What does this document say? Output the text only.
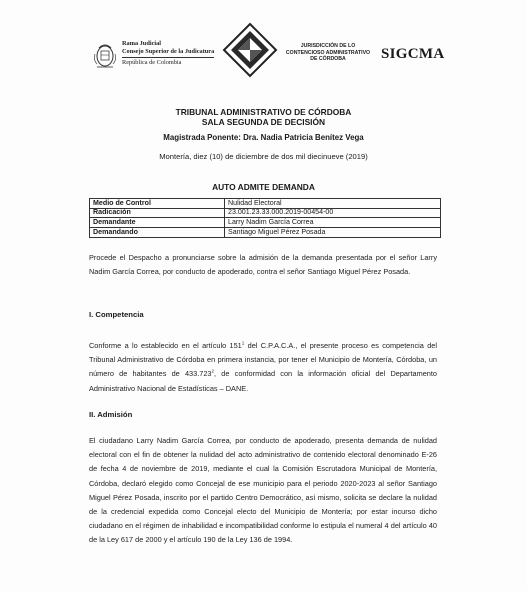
Rama Judicial
Consejo Superior de la Judicatura
República de Colombia
JURISDICCIÓN DE LO
CONTENCIOSO ADMINISTRATIVO
DE CÓRDOBA	SIGCMA
TRIBUNAL ADMINISTRATIVO DE CÓRDOBA
SALA SEGUNDA DE DECISIÓN
Magistrada Ponente: Dra. Nadia Patricia Benítez Vega
Montería, diez (10) de diciembre de dos mil diecinueve (2019)
AUTO ADMITE DEMANDA
Medio de Control	Nulidad Electoral
Radicación	23.001.23.33.000.2019-00454-00
Demandante	Larry Nadim García Correa
Demandando	Santiago Miguel Pérez Posada
Procede el Despacho a pronunciarse sobre la admisión de la demanda presentada por el señor Larry Nadim García Correa, por conducto de apoderado, contra el señor Santiago Miguel Pérez Posada.
I. Competencia
Conforme a lo establecido en el artículo $151^1$ del C.P.A.C.A., el presente proceso es competencia del Tribunal Administrativo de Córdoba en primera instancia, por tener el Municipio de Montería, Córdoba, un número de habitantes de 433.723$^2$, de conformidad con la información oficial del Departamento Administrativo Nacional de Estadísticas – DANE.
II. Admisión
El ciudadano Larry Nadim García Correa, por conducto de apoderado, presenta demanda de nulidad electoral con el fin de obtener la nulidad del acto administrativo de contenido electoral denominado E-26 de fecha 4 de noviembre de 2019, mediante el cual la Comisión Escrutadora Municipal de Montería, Córdoba, declaró elegido como Concejal de ese municipio para el periodo 2020-2023 al señor Santiago Miguel Pérez Posada, inscrito por el partido Centro Democrático, así mismo, solicita se declare la nulidad de la credencial expedida como Concejal electo del Municipio de Montería; por estar incurso dicho ciudadano en el régimen de inhabilidad e incompatibilidad conforme lo estipula el numeral 4 del artículo 40 de la Ley 617 de 2000 y el artículo 190 de la Ley 136 de 1994.
